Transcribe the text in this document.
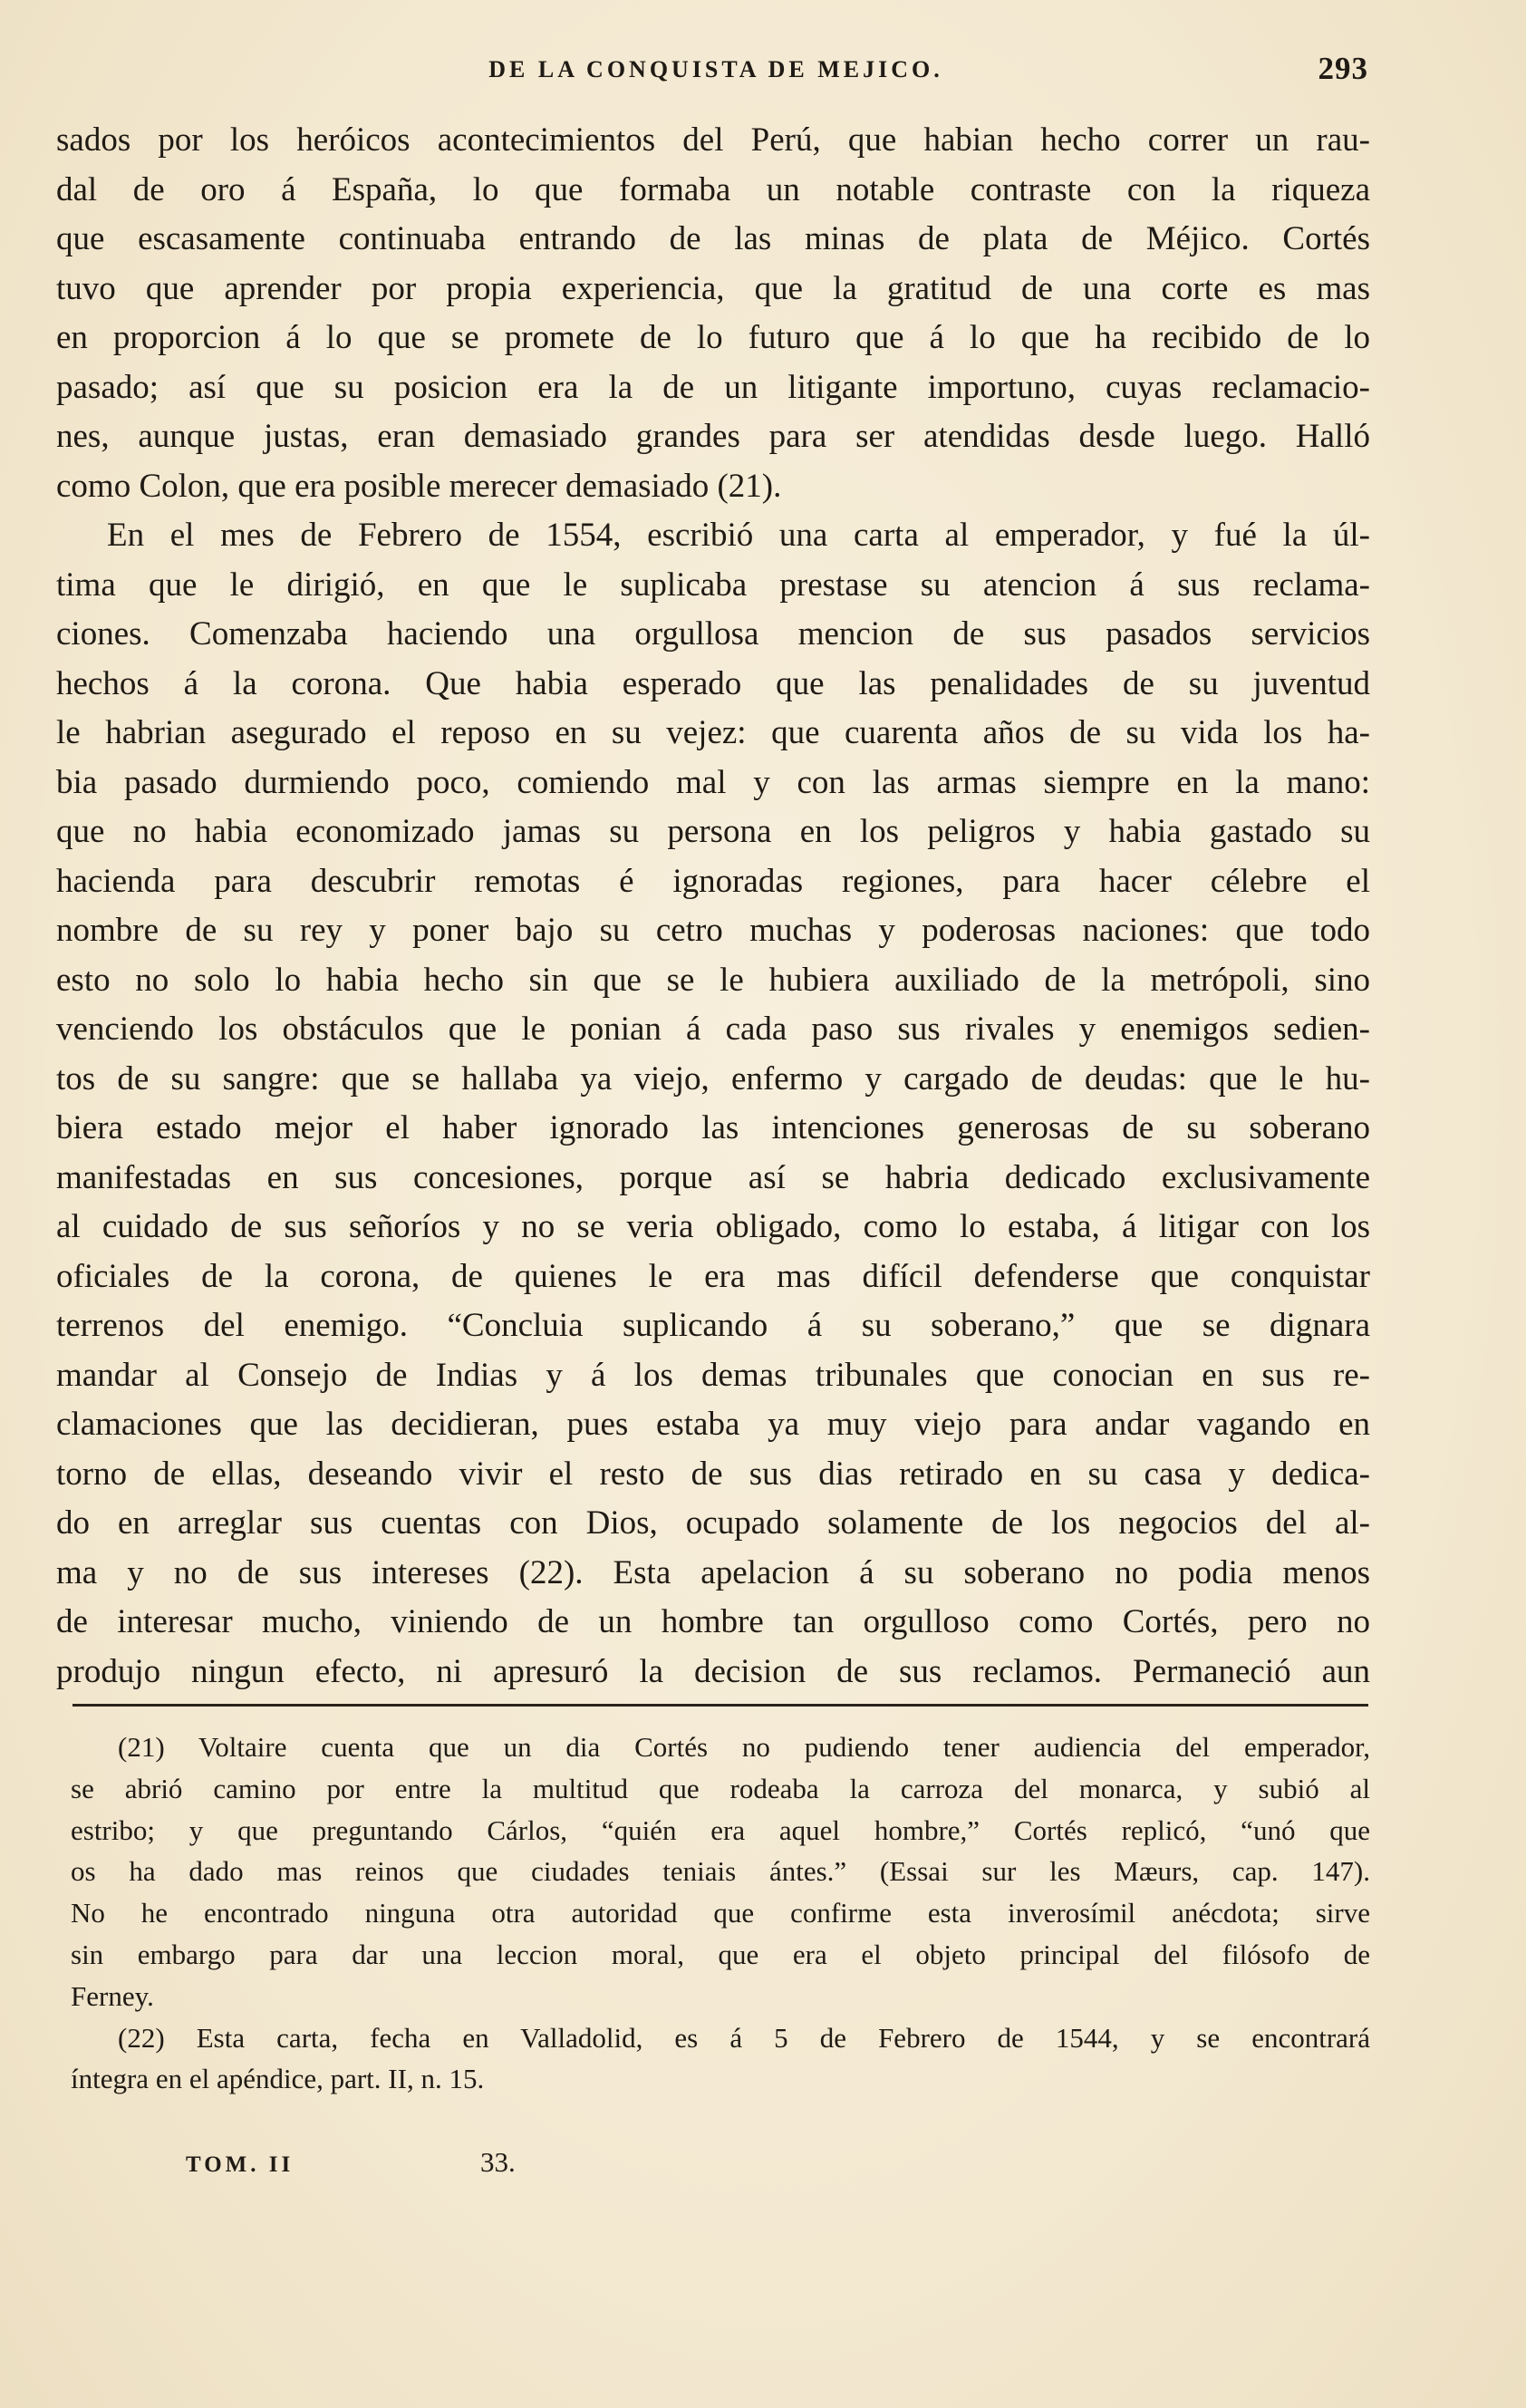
DE LA CONQUISTA DE MEJICO.	293
sados por los heróicos acontecimientos del Perú, que habian hecho correr un rau-
dal de oro á España, lo que formaba un notable contraste con la riqueza
que escasamente continuaba entrando de las minas de plata de Méjico. Cortés
tuvo que aprender por propia experiencia, que la gratitud de una corte es mas
en proporcion á lo que se promete de lo futuro que á lo que ha recibido de lo
pasado; así que su posicion era la de un litigante importuno, cuyas reclamacio-
nes, aunque justas, eran demasiado grandes para ser atendidas desde luego. Halló
como Colon, que era posible merecer demasiado (21).
En el mes de Febrero de 1554, escribió una carta al emperador, y fué la úl-
tima que le dirigió, en que le suplicaba prestase su atencion á sus reclama-
ciones. Comenzaba haciendo una orgullosa mencion de sus pasados servicios
hechos á la corona. Que habia esperado que las penalidades de su juventud
le habrian asegurado el reposo en su vejez: que cuarenta años de su vida los ha-
bia pasado durmiendo poco, comiendo mal y con las armas siempre en la mano:
que no habia economizado jamas su persona en los peligros y habia gastado su
hacienda para descubrir remotas é ignoradas regiones, para hacer célebre el
nombre de su rey y poner bajo su cetro muchas y poderosas naciones: que todo
esto no solo lo habia hecho sin que se le hubiera auxiliado de la metrópoli, sino
venciendo los obstáculos que le ponian á cada paso sus rivales y enemigos sedien-
tos de su sangre: que se hallaba ya viejo, enfermo y cargado de deudas: que le hu-
biera estado mejor el haber ignorado las intenciones generosas de su soberano
manifestadas en sus concesiones, porque así se habria dedicado exclusivamente
al cuidado de sus señoríos y no se veria obligado, como lo estaba, á litigar con los
oficiales de la corona, de quienes le era mas difícil defenderse que conquistar
terrenos del enemigo. “Concluia suplicando á su soberano,” que se dignara
mandar al Consejo de Indias y á los demas tribunales que conocian en sus re-
clamaciones que las decidieran, pues estaba ya muy viejo para andar vagando en
torno de ellas, deseando vivir el resto de sus dias retirado en su casa y dedica-
do en arreglar sus cuentas con Dios, ocupado solamente de los negocios del al-
ma y no de sus intereses (22). Esta apelacion á su soberano no podia menos
de interesar mucho, viniendo de un hombre tan orgulloso como Cortés, pero no
produjo ningun efecto, ni apresuró la decision de sus reclamos. Permaneció aun
(21) Voltaire cuenta que un dia Cortés no pudiendo tener audiencia del emperador,
se abrió camino por entre la multitud que rodeaba la carroza del monarca, y subió al
estribo; y que preguntando Cárlos, “quién era aquel hombre,” Cortés replicó, “unó que
os ha dado mas reinos que ciudades teniais ántes.” (Essai sur les Mæurs, cap. 147).
No he encontrado ninguna otra autoridad que confirme esta inverosímil anécdota; sirve
sin embargo para dar una leccion moral, que era el objeto principal del filósofo de
Ferney.
(22) Esta carta, fecha en Valladolid, es á 5 de Febrero de 1544, y se encontrará
íntegra en el apéndice, part. II, n. 15.
TOM. II	33.
